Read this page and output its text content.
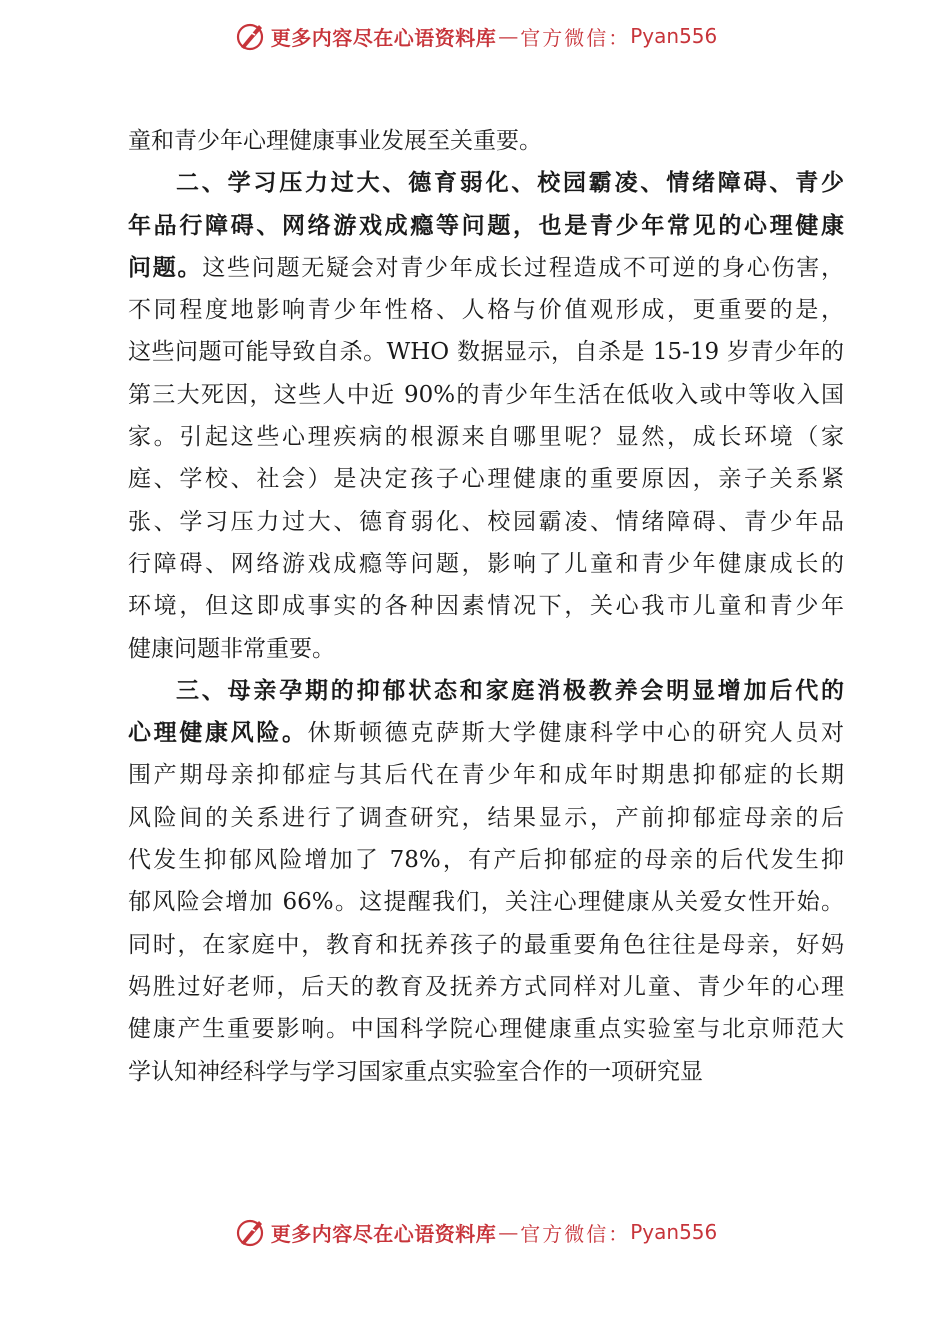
更多内容尽在心语资料库 — 官方微信： Pyan556
童和青少年心理健康事业发展至关重要。
二、学习压力过大、德育弱化、校园霸凌、情绪障碍、青少
年品行障碍、网络游戏成瘾等问题，也是青少年常见的心理健康
问题。这些问题无疑会对青少年成长过程造成不可逆的身心伤害，
不同程度地影响青少年性格、人格与价值观形成，更重要的是，
这些问题可能导致自杀。WHO 数据显示，自杀是 15-19 岁青少年的
第三大死因，这些人中近 90%的青少年生活在低收入或中等收入国
家。引起这些心理疾病的根源来自哪里呢？显然，成长环境（家
庭、学校、社会）是决定孩子心理健康的重要原因，亲子关系紧
张、学习压力过大、德育弱化、校园霸凌、情绪障碍、青少年品
行障碍、网络游戏成瘾等问题，影响了儿童和青少年健康成长的
环境，但这即成事实的各种因素情况下，关心我市儿童和青少年
健康问题非常重要。
三、母亲孕期的抑郁状态和家庭消极教养会明显增加后代的
心理健康风险。休斯顿德克萨斯大学健康科学中心的研究人员对
围产期母亲抑郁症与其后代在青少年和成年时期患抑郁症的长期
风险间的关系进行了调查研究，结果显示，产前抑郁症母亲的后
代发生抑郁风险增加了 78%，有产后抑郁症的母亲的后代发生抑
郁风险会增加 66%。这提醒我们，关注心理健康从关爱女性开始。
同时，在家庭中，教育和抚养孩子的最重要角色往往是母亲，好妈
妈胜过好老师，后天的教育及抚养方式同样对儿童、青少年的心理
健康产生重要影响。中国科学院心理健康重点实验室与北京师范大
学认知神经科学与学习国家重点实验室合作的一项研究显
更多内容尽在心语资料库 — 官方微信： Pyan556
